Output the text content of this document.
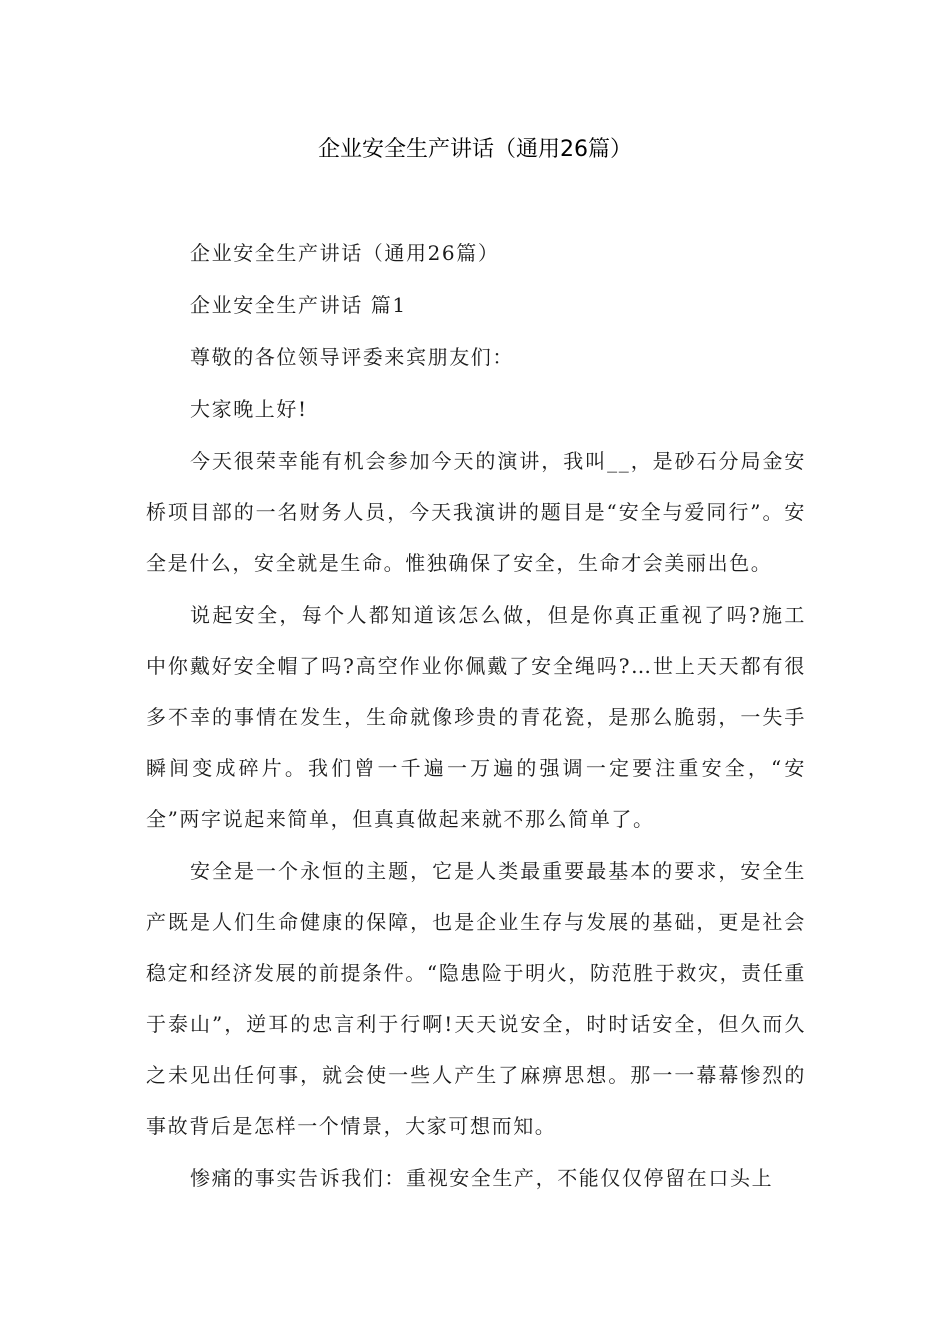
企业安全生产讲话（通用26篇）

企业安全生产讲话（通用26篇）

企业安全生产讲话 篇1

尊敬的各位领导评委来宾朋友们：

大家晚上好!

今天很荣幸能有机会参加今天的演讲，我叫__，是砂石分局金安桥项目部的一名财务人员，今天我演讲的题目是“安全与爱同行”。安全是什么，安全就是生命。惟独确保了安全，生命才会美丽出色。

说起安全，每个人都知道该怎么做，但是你真正重视了吗?施工中你戴好安全帽了吗?高空作业你佩戴了安全绳吗?…世上天天都有很多不幸的事情在发生，生命就像珍贵的青花瓷，是那么脆弱，一失手瞬间变成碎片。我们曾一千遍一万遍的强调一定要注重安全，“安全”两字说起来简单，但真真做起来就不那么简单了。

安全是一个永恒的主题，它是人类最重要最基本的要求，安全生产既是人们生命健康的保障，也是企业生存与发展的基础，更是社会稳定和经济发展的前提条件。“隐患险于明火，防范胜于救灾，责任重于泰山”，逆耳的忠言利于行啊!天天说安全，时时话安全，但久而久之未见出任何事，就会使一些人产生了麻痹思想。那一一幕幕惨烈的事故背后是怎样一个情景，大家可想而知。

惨痛的事实告诉我们：重视安全生产，不能仅仅停留在口头上
